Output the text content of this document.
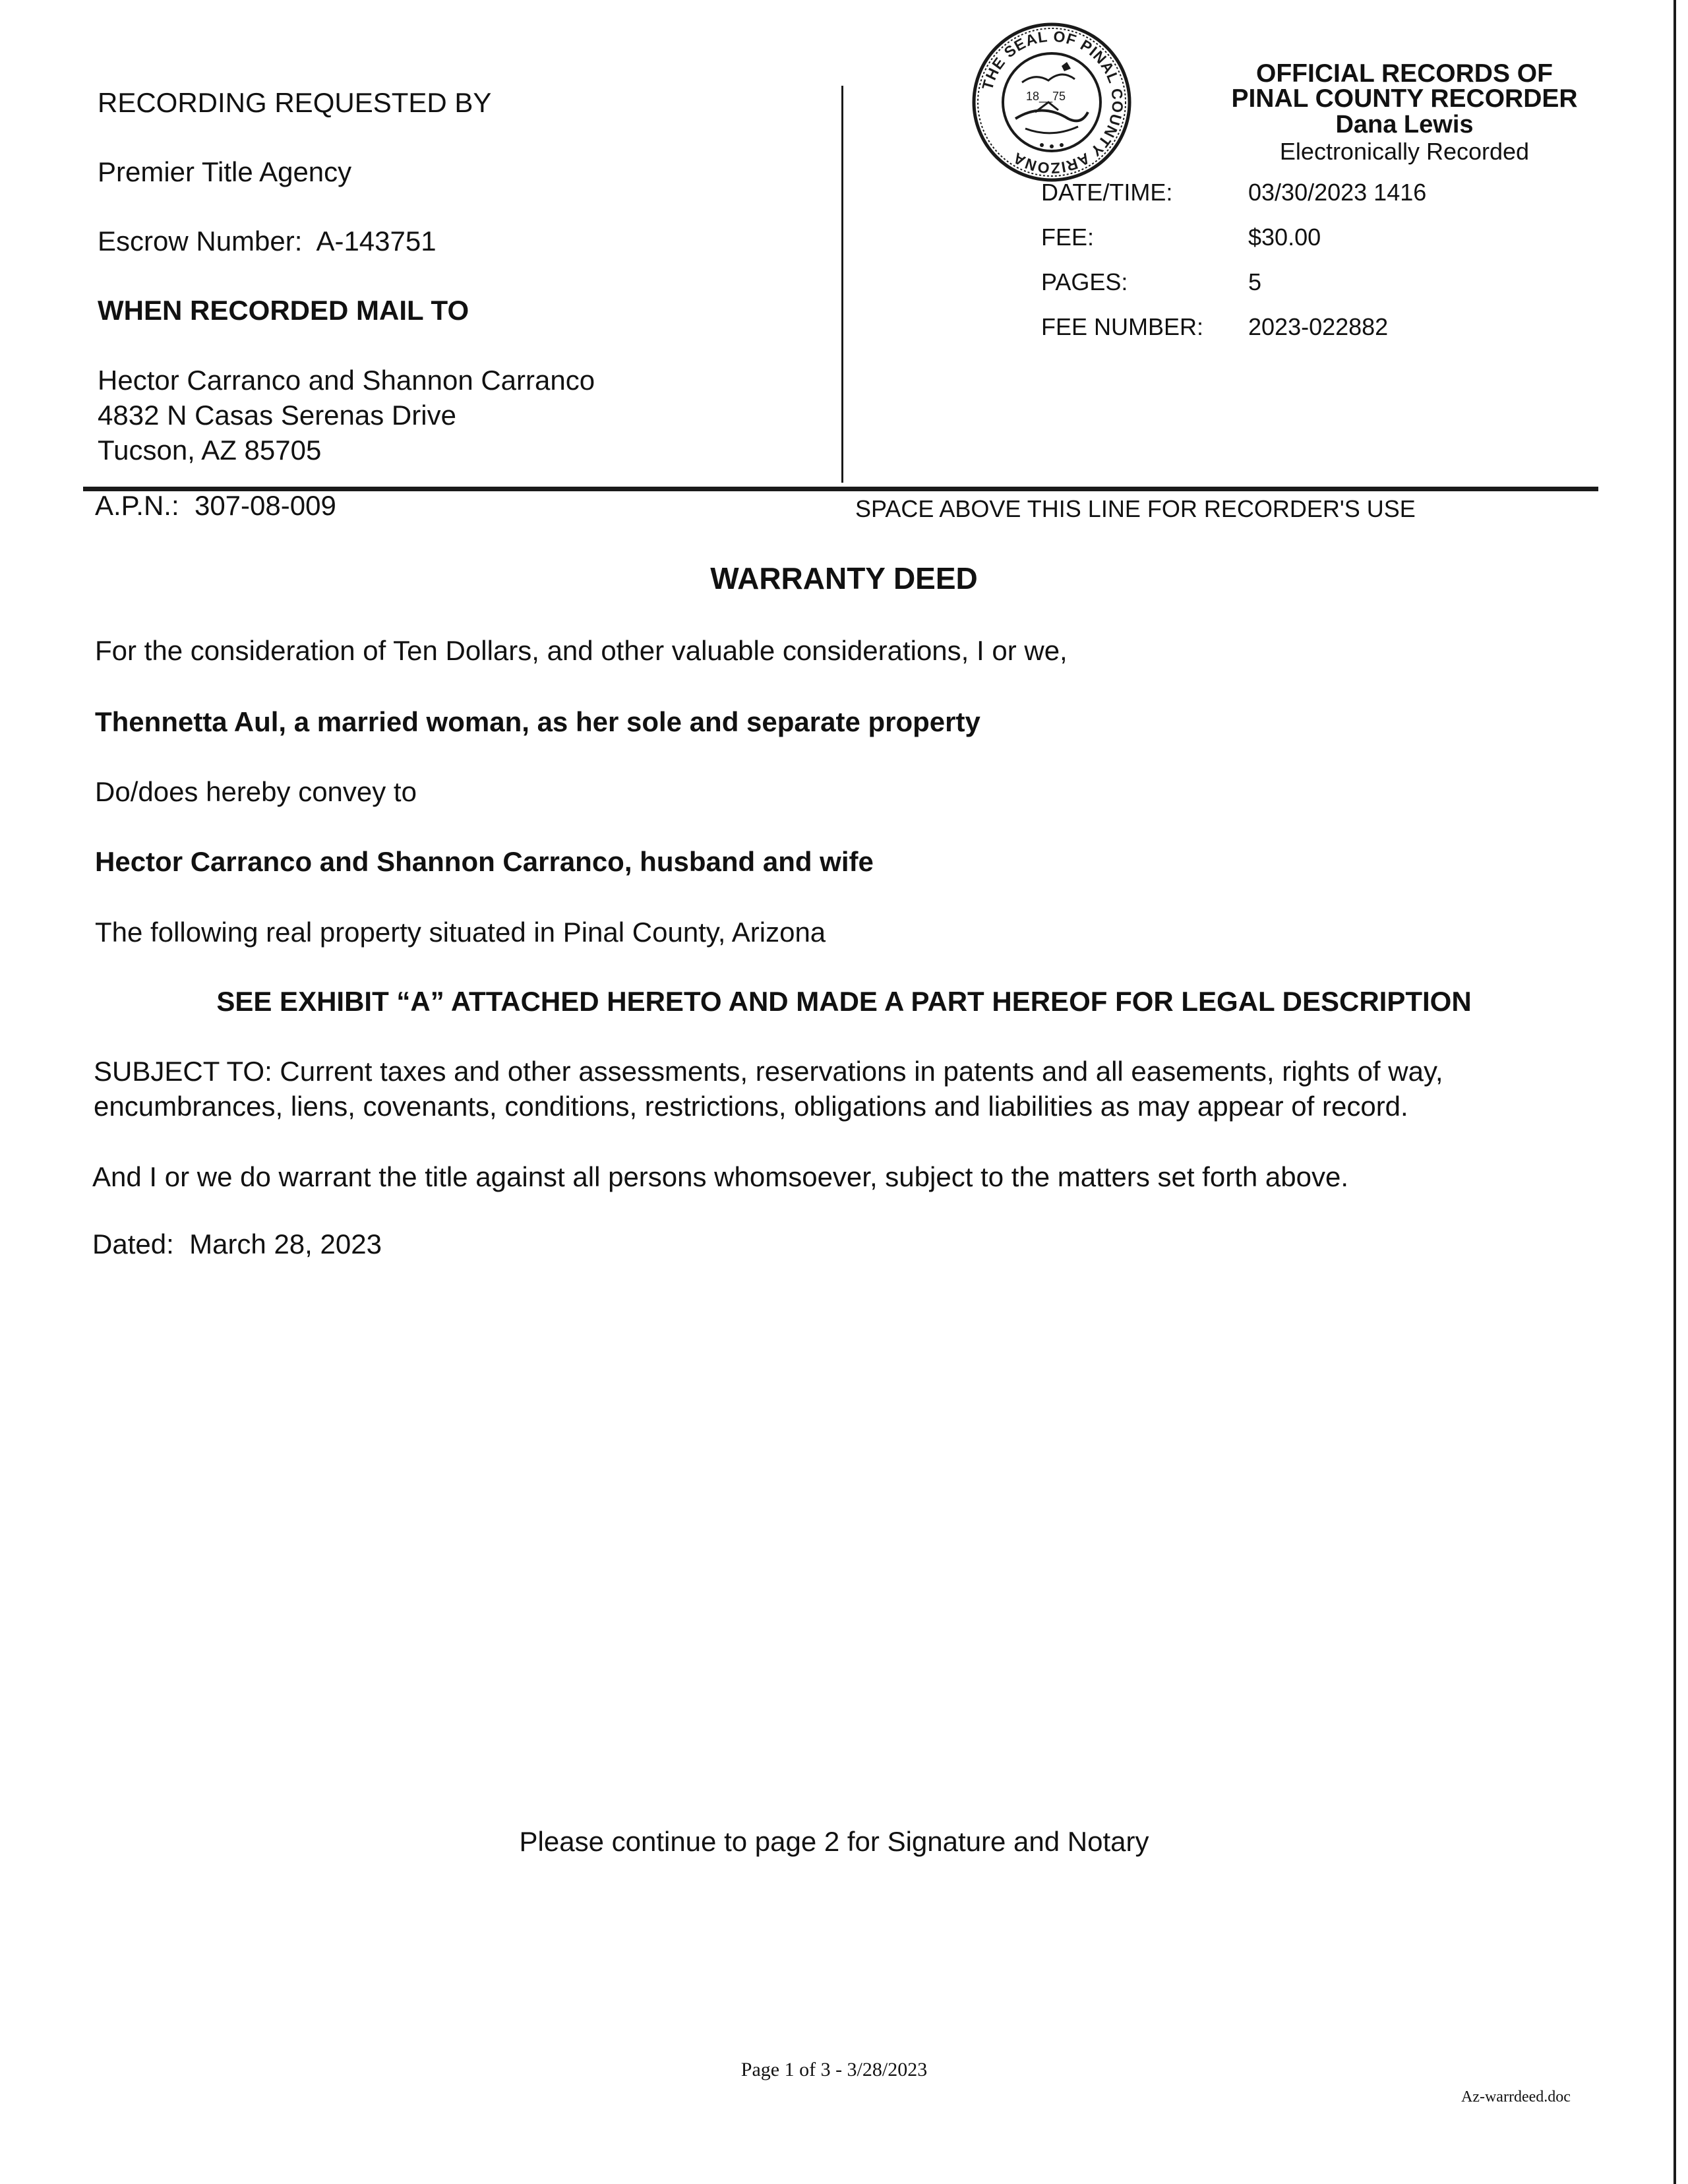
RECORDING REQUESTED BY
Premier Title Agency
Escrow Number: A-143751
WHEN RECORDED MAIL TO
Hector Carranco and Shannon Carranco
4832 N Casas Serenas Drive
Tucson, AZ 85705
THE SEAL OF PINAL COUNTY ARIZONA
18__75
OFFICIAL RECORDS OF
PINAL COUNTY RECORDER
Dana Lewis
Electronically Recorded
DATE/TIME:	03/30/2023 1416
FEE:	$30.00
PAGES:	5
FEE NUMBER: 2023-022882
A.P.N.: 307-08-009	SPACE ABOVE THIS LINE FOR RECORDER'S USE
WARRANTY DEED
For the consideration of Ten Dollars, and other valuable considerations, I or we,
Thennetta Aul, a married woman, as her sole and separate property
Do/does hereby convey to
Hector Carranco and Shannon Carranco, husband and wife
The following real property situated in Pinal County, Arizona
SEE EXHIBIT “A” ATTACHED HERETO AND MADE A PART HEREOF FOR LEGAL DESCRIPTION
SUBJECT TO: Current taxes and other assessments, reservations in patents and all easements, rights of way,
encumbrances, liens, covenants, conditions, restrictions, obligations and liabilities as may appear of record.
And I or we do warrant the title against all persons whomsoever, subject to the matters set forth above.
Dated: March 28, 2023
Please continue to page 2 for Signature and Notary
Page 1 of 3 - 3/28/2023
Az-warrdeed.doc
